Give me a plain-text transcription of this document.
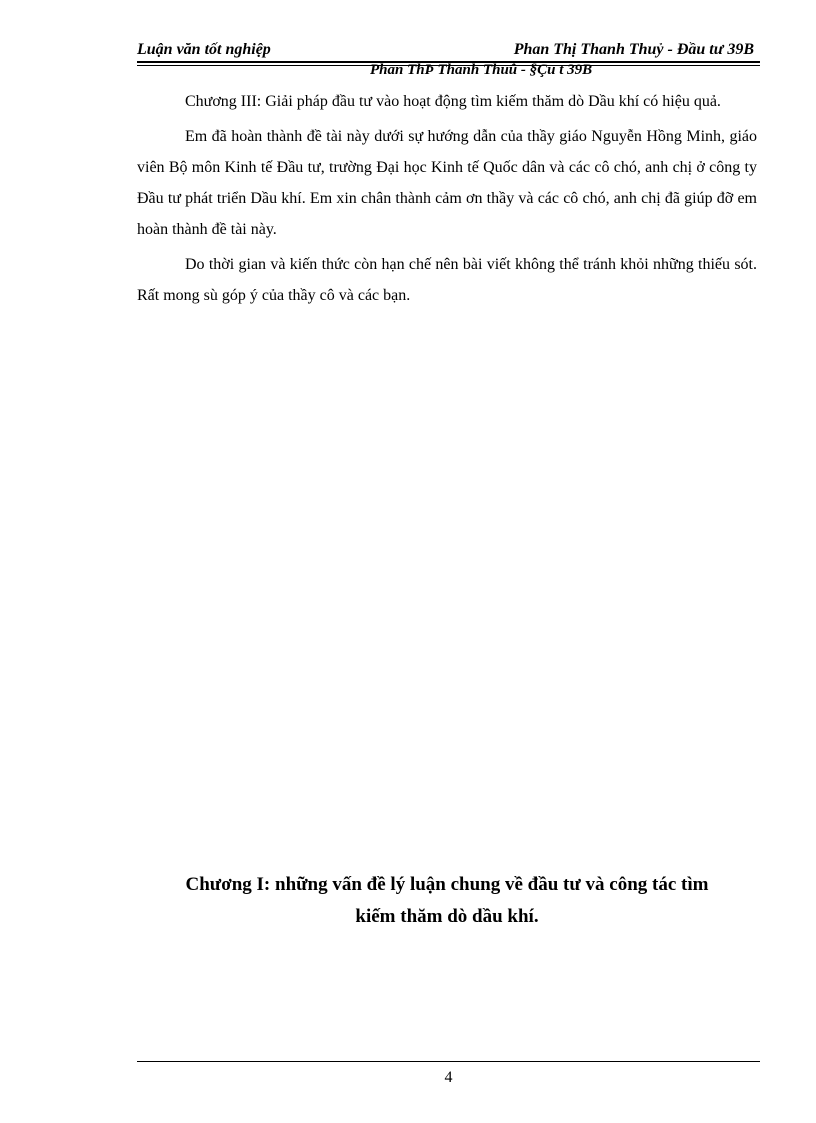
Luận văn tốt nghiệp	Phan Thị Thanh Thuỷ - Đầu tư 39B
Phan ThÞ Thanh Thuû - §Çu t 39B

Chương III: Giải pháp đầu tư vào hoạt động tìm kiếm thăm dò Dầu khí có hiệu quả.

Em đã hoàn thành đề tài này dưới sự hướng dẫn của thầy giáo Nguyễn Hồng Minh, giáo viên Bộ môn Kinh tế Đầu tư, trường Đại học Kinh tế Quốc dân và các cô chó, anh chị ở công ty Đầu tư phát triển Dầu khí. Em xin chân thành cảm ơn thầy và các cô chó, anh chị đã giúp đỡ em hoàn thành đề tài này.

Do thời gian và kiến thức còn hạn chế nên bài viết không thể tránh khỏi những thiếu sót. Rất mong sù góp ý của thầy cô và các bạn.

Chương I: những vấn đề lý luận chung về đầu tư và công tác tìm
kiếm thăm dò dầu khí.
4
